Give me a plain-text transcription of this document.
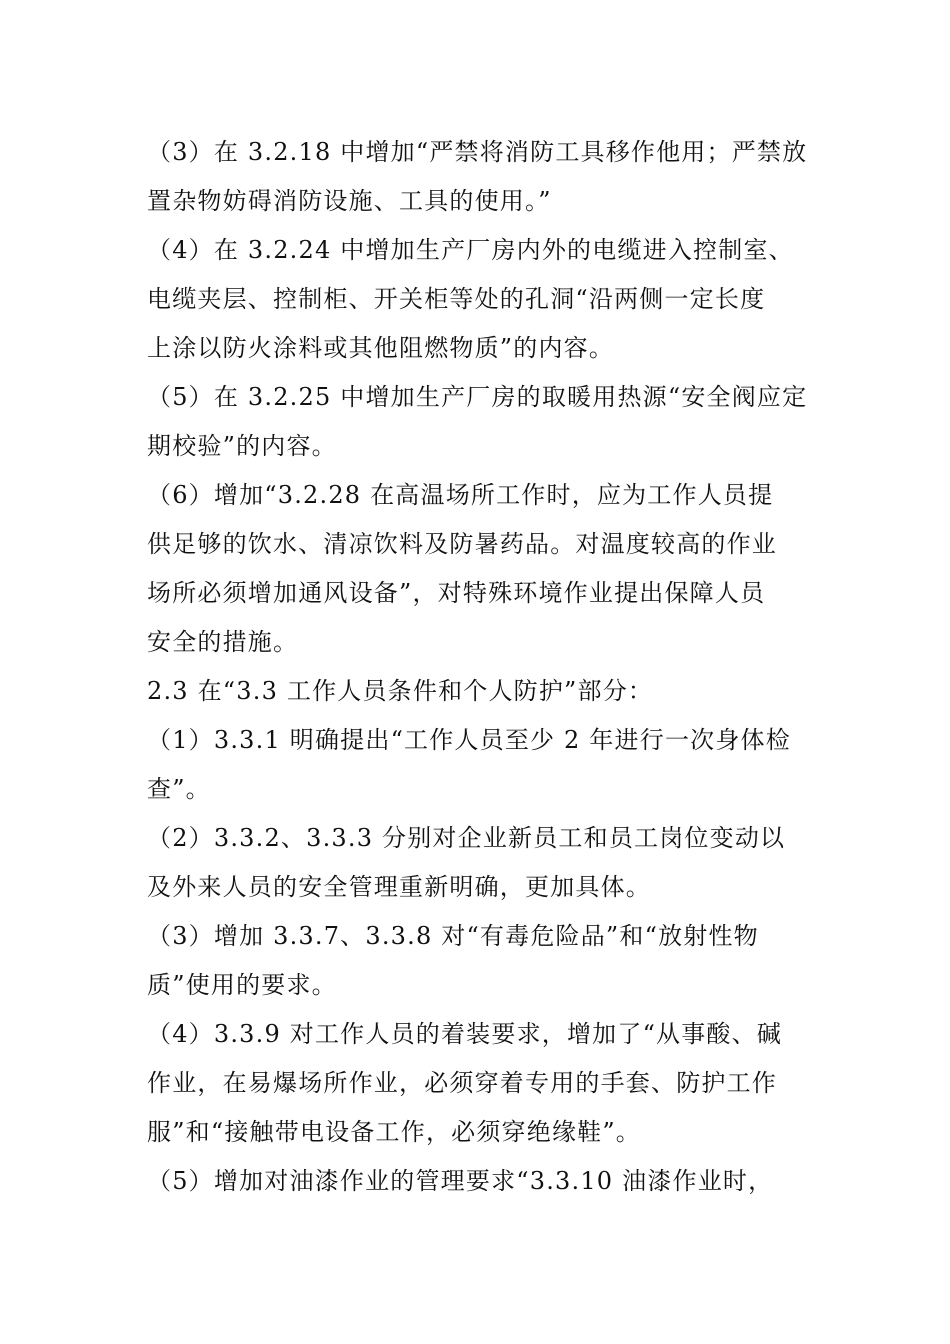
（3）在 3.2.18 中增加“严禁将消防工具移作他用；严禁放
置杂物妨碍消防设施、工具的使用。”
（4）在 3.2.24 中增加生产厂房内外的电缆进入控制室、
电缆夹层、控制柜、开关柜等处的孔洞“沿两侧一定长度
上涂以防火涂料或其他阻燃物质”的内容。
（5）在 3.2.25 中增加生产厂房的取暖用热源“安全阀应定
期校验”的内容。
（6）增加“3.2.28 在高温场所工作时，应为工作人员提
供足够的饮水、清凉饮料及防暑药品。对温度较高的作业
场所必须增加通风设备”，对特殊环境作业提出保障人员
安全的措施。
2.3 在“3.3 工作人员条件和个人防护”部分：
（1）3.3.1 明确提出“工作人员至少 2 年进行一次身体检
查”。
（2）3.3.2、3.3.3 分别对企业新员工和员工岗位变动以
及外来人员的安全管理重新明确，更加具体。
（3）增加 3.3.7、3.3.8 对“有毒危险品”和“放射性物
质”使用的要求。
（4）3.3.9 对工作人员的着装要求，增加了“从事酸、碱
作业，在易爆场所作业，必须穿着专用的手套、防护工作
服”和“接触带电设备工作，必须穿绝缘鞋”。
（5）增加对油漆作业的管理要求“3.3.10 油漆作业时，
